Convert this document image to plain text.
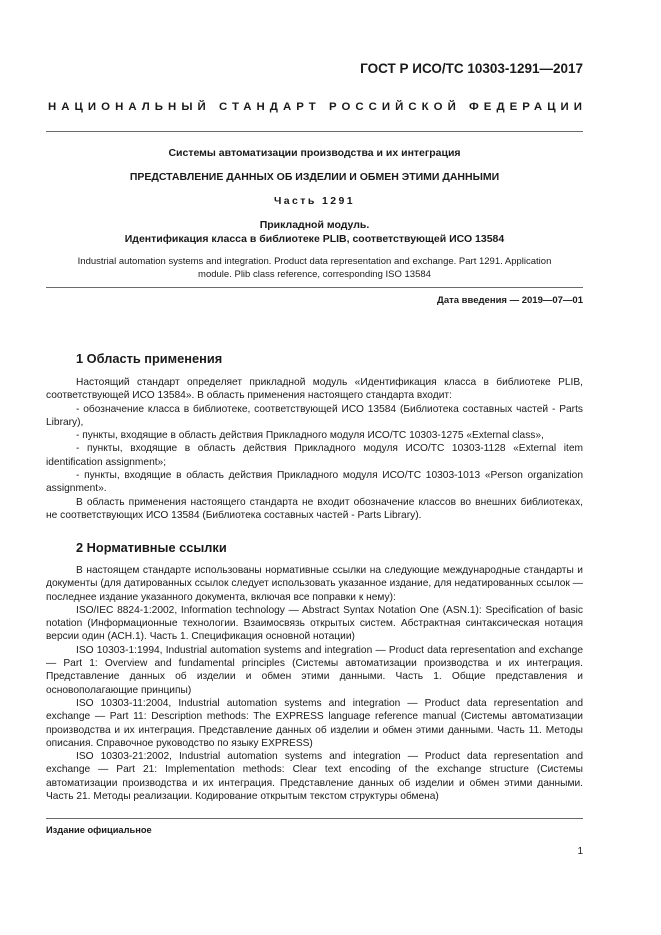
ГОСТ Р ИСО/ТС 10303-1291—2017
НАЦИОНАЛЬНЫЙ СТАНДАРТ РОССИЙСКОЙ ФЕДЕРАЦИИ
Системы автоматизации производства и их интеграция
ПРЕДСТАВЛЕНИЕ ДАННЫХ ОБ ИЗДЕЛИИ И ОБМЕН ЭТИМИ ДАННЫМИ
Часть 1291
Прикладной модуль.
Идентификация класса в библиотеке PLIB, соответствующей ИСО 13584
Industrial automation systems and integration. Product data representation and exchange. Part 1291. Application
module. Plib class reference, corresponding ISO 13584
Дата введения — 2019—07—01
1 Область применения

Настоящий стандарт определяет прикладной модуль «Идентификация класса в библиотеке PLIB, соответствующей ИСО 13584». В область применения настоящего стандарта входит:

- обозначение класса в библиотеке, соответствующей ИСО 13584 (Библиотека составных частей - Parts Library),

- пункты, входящие в область действия Прикладного модуля ИСО/ТС 10303-1275 «External class»,

- пункты, входящие в область действия Прикладного модуля ИСО/ТС 10303-1128 «External item identification assignment»;

- пункты, входящие в область действия Прикладного модуля ИСО/ТС 10303-1013 «Person organization assignment».

В область применения настоящего стандарта не входит обозначение классов во внешних библиотеках, не соответствующих ИСО 13584 (Библиотека составных частей - Parts Library).

2 Нормативные ссылки

В настоящем стандарте использованы нормативные ссылки на следующие международные стандарты и документы (для датированных ссылок следует использовать указанное издание, для недатированных ссылок — последнее издание указанного документа, включая все поправки к нему):

ISO/IEC 8824-1:2002, Information technology — Abstract Syntax Notation One (ASN.1): Specification of basic notation (Информационные технологии. Взаимосвязь открытых систем. Абстрактная синтаксическая нотация версии один (АСН.1). Часть 1. Спецификация основной нотации)

ISO 10303-1:1994, Industrial automation systems and integration — Product data representation and exchange — Part 1: Overview and fundamental principles (Системы автоматизации производства и их интеграция. Представление данных об изделии и обмен этими данными. Часть 1. Общие представления и основополагающие принципы)

ISO 10303-11:2004, Industrial automation systems and integration — Product data representation and exchange — Part 11: Description methods: The EXPRESS language reference manual (Системы автоматизации производства и их интеграция. Представление данных об изделии и обмен этими данными. Часть 11. Методы описания. Справочное руководство по языку EXPRESS)

ISO 10303-21:2002, Industrial automation systems and integration — Product data representation and exchange — Part 21: Implementation methods: Clear text encoding of the exchange structure (Системы автоматизации производства и их интеграция. Представление данных об изделии и обмен этими данными. Часть 21. Методы реализации. Кодирование открытым текстом структуры обмена)

Издание официальное
1
